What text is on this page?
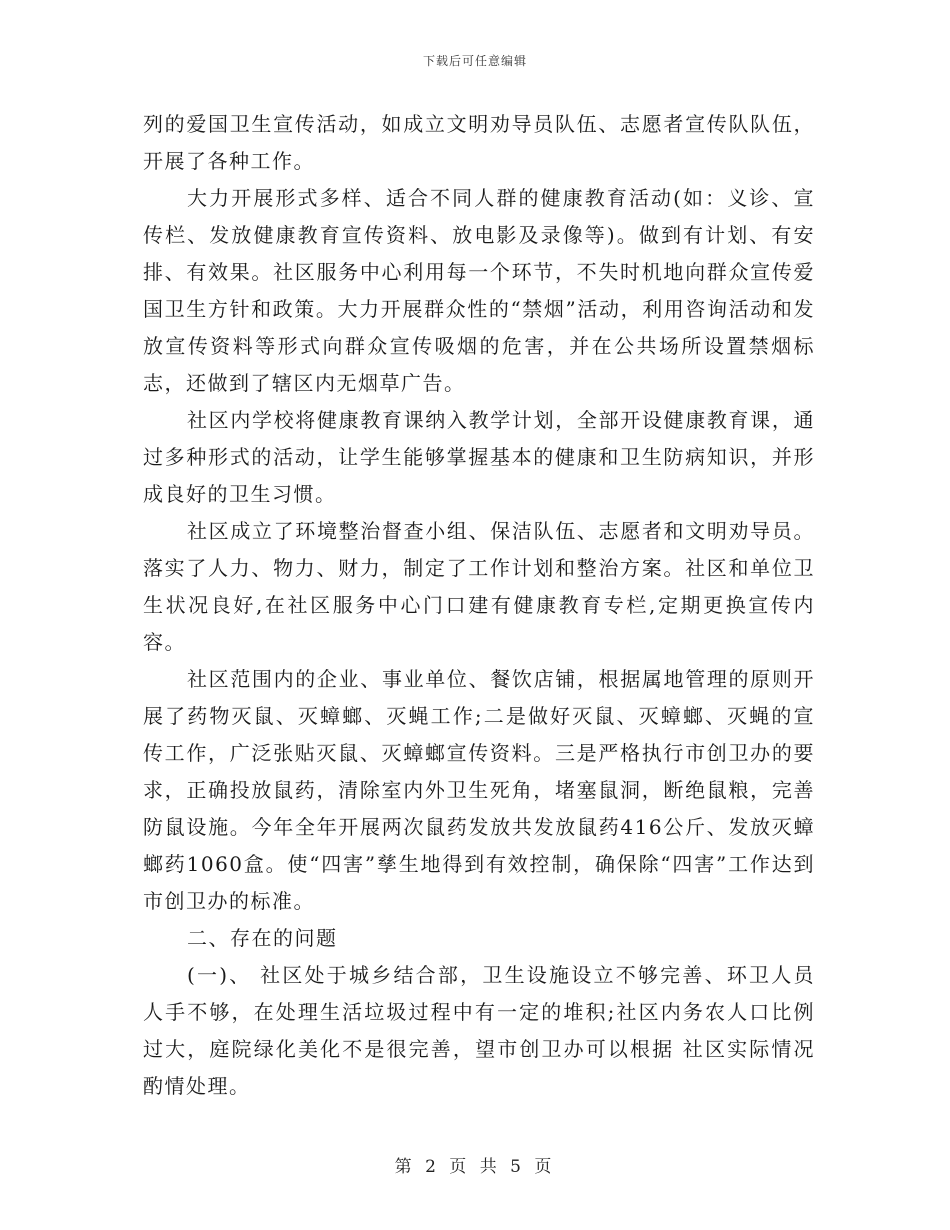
下载后可任意编辑

列的爱国卫生宣传活动，如成立文明劝导员队伍、志愿者宣传队队伍，开展了各种工作。

大力开展形式多样、适合不同人群的健康教育活动(如：义诊、宣传栏、发放健康教育宣传资料、放电影及录像等)。做到有计划、有安排、有效果。社区服务中心利用每一个环节，不失时机地向群众宣传爱国卫生方针和政策。大力开展群众性的“禁烟”活动，利用咨询活动和发放宣传资料等形式向群众宣传吸烟的危害，并在公共场所设置禁烟标志，还做到了辖区内无烟草广告。

社区内学校将健康教育课纳入教学计划，全部开设健康教育课，通过多种形式的活动，让学生能够掌握基本的健康和卫生防病知识，并形成良好的卫生习惯。

社区成立了环境整治督查小组、保洁队伍、志愿者和文明劝导员。落实了人力、物力、财力，制定了工作计划和整治方案。社区和单位卫生状况良好,在社区服务中心门口建有健康教育专栏,定期更换宣传内容。

社区范围内的企业、事业单位、餐饮店铺，根据属地管理的原则开展了药物灭鼠、灭蟑螂、灭蝇工作;二是做好灭鼠、灭蟑螂、灭蝇的宣传工作，广泛张贴灭鼠、灭蟑螂宣传资料。三是严格执行市创卫办的要求，正确投放鼠药，清除室内外卫生死角，堵塞鼠洞，断绝鼠粮，完善防鼠设施。今年全年开展两次鼠药发放共发放鼠药416公斤、发放灭蟑螂药1060盒。使“四害”孳生地得到有效控制，确保除“四害”工作达到市创卫办的标准。

二、存在的问题

(一)、 社区处于城乡结合部，卫生设施设立不够完善、环卫人员人手不够，在处理生活垃圾过程中有一定的堆积;社区内务农人口比例过大，庭院绿化美化不是很完善，望市创卫办可以根据 社区实际情况酌情处理。

第 2 页 共 5 页
